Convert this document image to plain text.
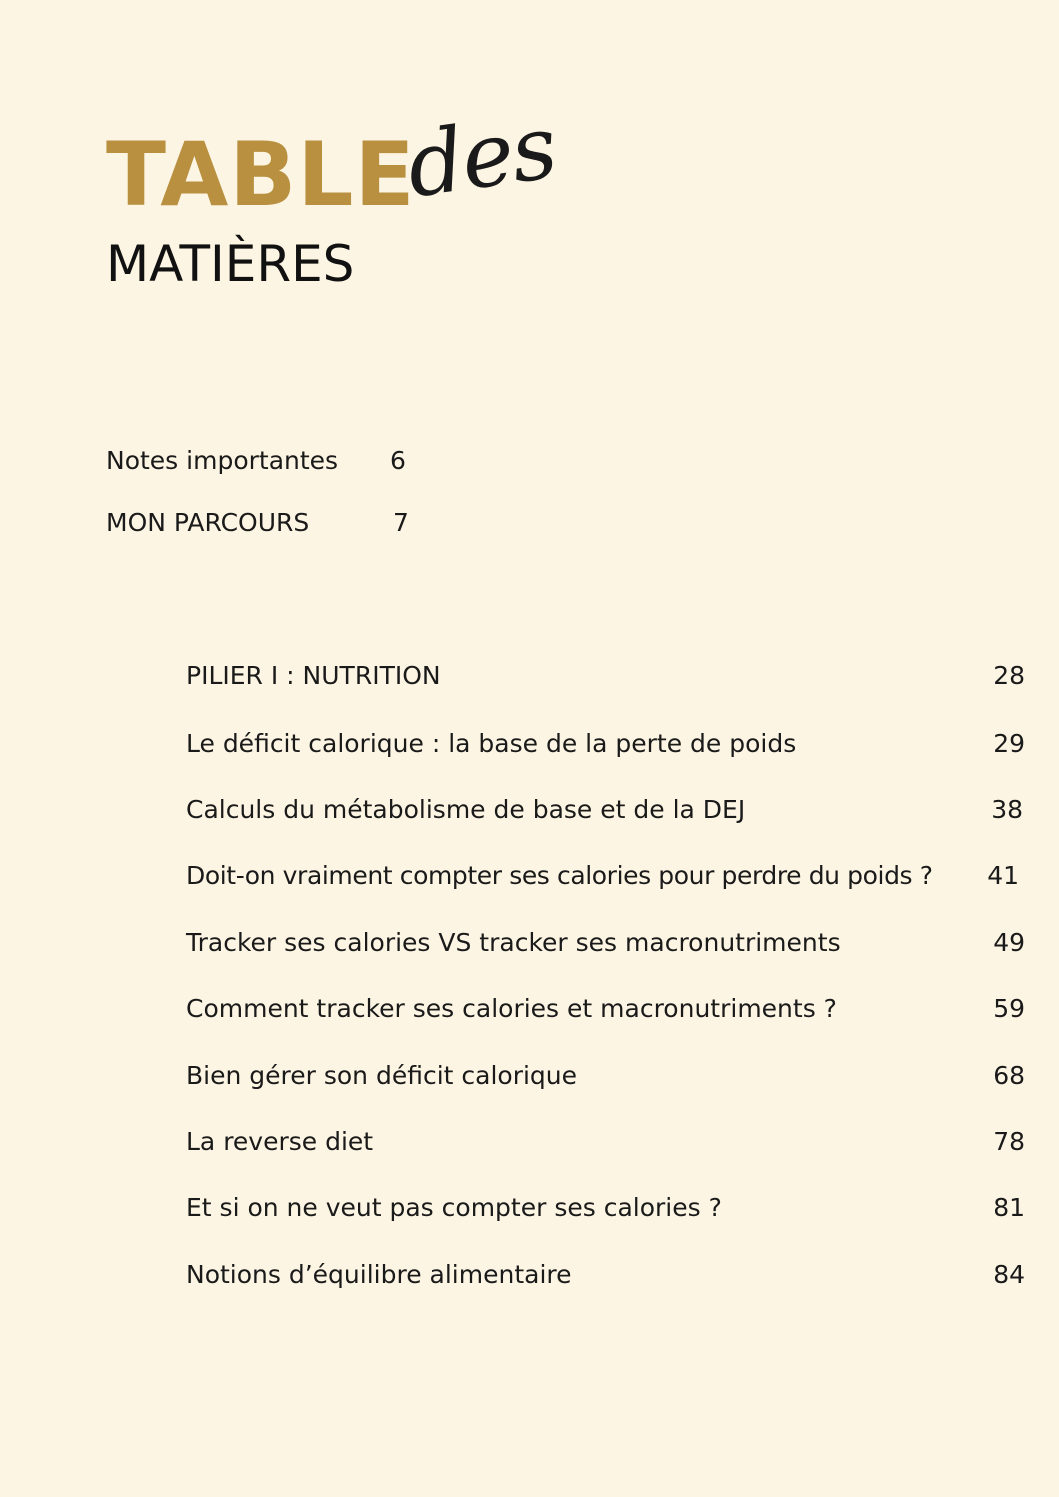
TABLE
des
MATIÈRES
Notes importantes 6
MON PARCOURS	7
PILIER I : NUTRITION	28
Le déficit calorique : la base de la perte de poids	29
Calculs du métabolisme de base et de la DEJ	38
Doit-on vraiment compter ses calories pour perdre du poids ? 41
Tracker ses calories VS tracker ses macronutriments	49
Comment tracker ses calories et macronutriments ?	59
Bien gérer son déficit calorique	68
La reverse diet	78
Et si on ne veut pas compter ses calories ?	81
Notions d’équilibre alimentaire	84
